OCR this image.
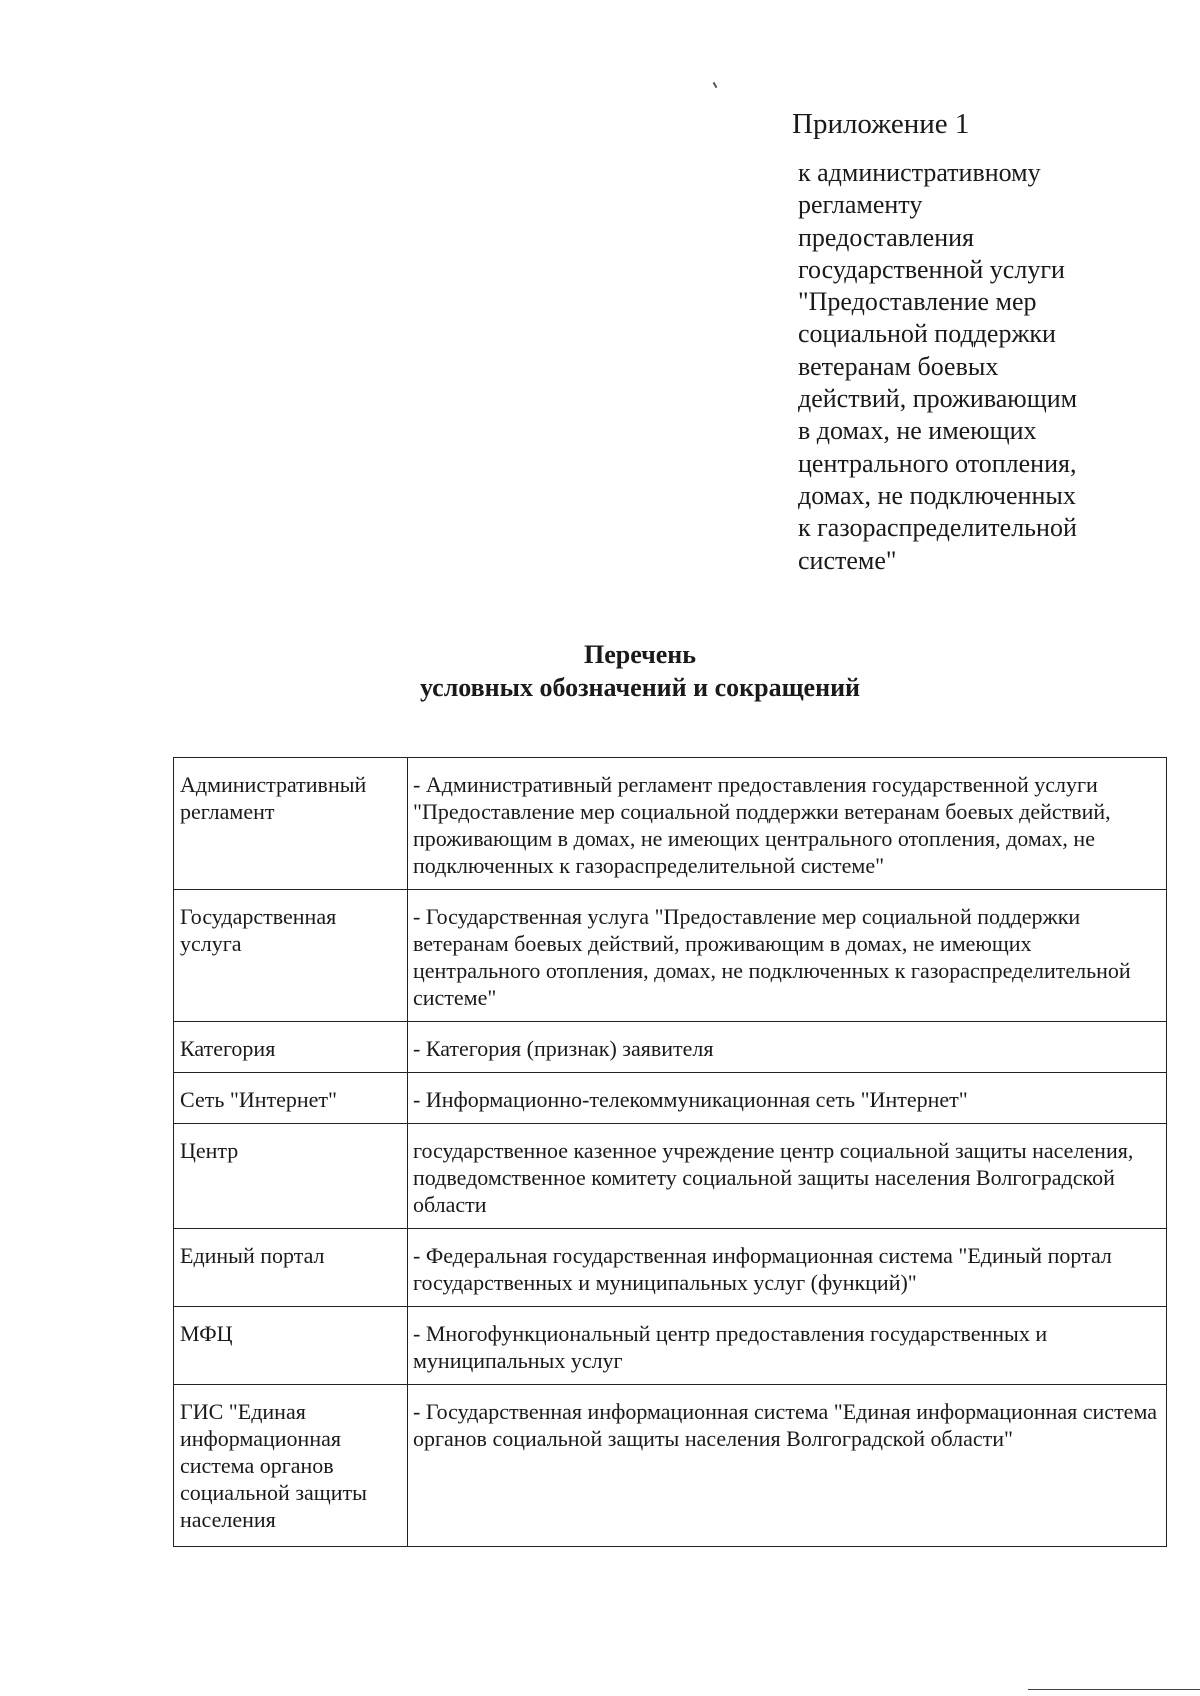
Приложение 1

к административному
регламенту
предоставления
государственной услуги
"Предоставление мер
социальной поддержки
ветеранам боевых
действий, проживающим
в домах, не имеющих
центрального отопления,
домах, не подключенных
к газораспределительной
системе"

Перечень
условных обозначений и сокращений
Административный регламент	- Административный регламент предоставления государственной услуги "Предоставление мер социальной поддержки ветеранам боевых действий, проживающим в домах, не имеющих центрального отопления, домах, не подключенных к газораспределительной системе"
Государственная услуга	- Государственная услуга "Предоставление мер социальной поддержки ветеранам боевых действий, проживающим в домах, не имеющих центрального отопления, домах, не подключенных к газораспределительной системе"
Категория	- Категория (признак) заявителя
Сеть "Интернет"	- Информационно-телекоммуникационная сеть "Интернет"
Центр	государственное казенное учреждение центр социальной защиты населения, подведомственное комитету социальной защиты населения Волгоградской области
Единый портал	- Федеральная государственная информационная система "Единый портал государственных и муниципальных услуг (функций)"
МФЦ	- Многофункциональный центр предоставления государственных и муниципальных услуг
ГИС "Единая информационная система органов социальной защиты населения	- Государственная информационная система "Единая информационная система органов социальной защиты населения Волгоградской области"
